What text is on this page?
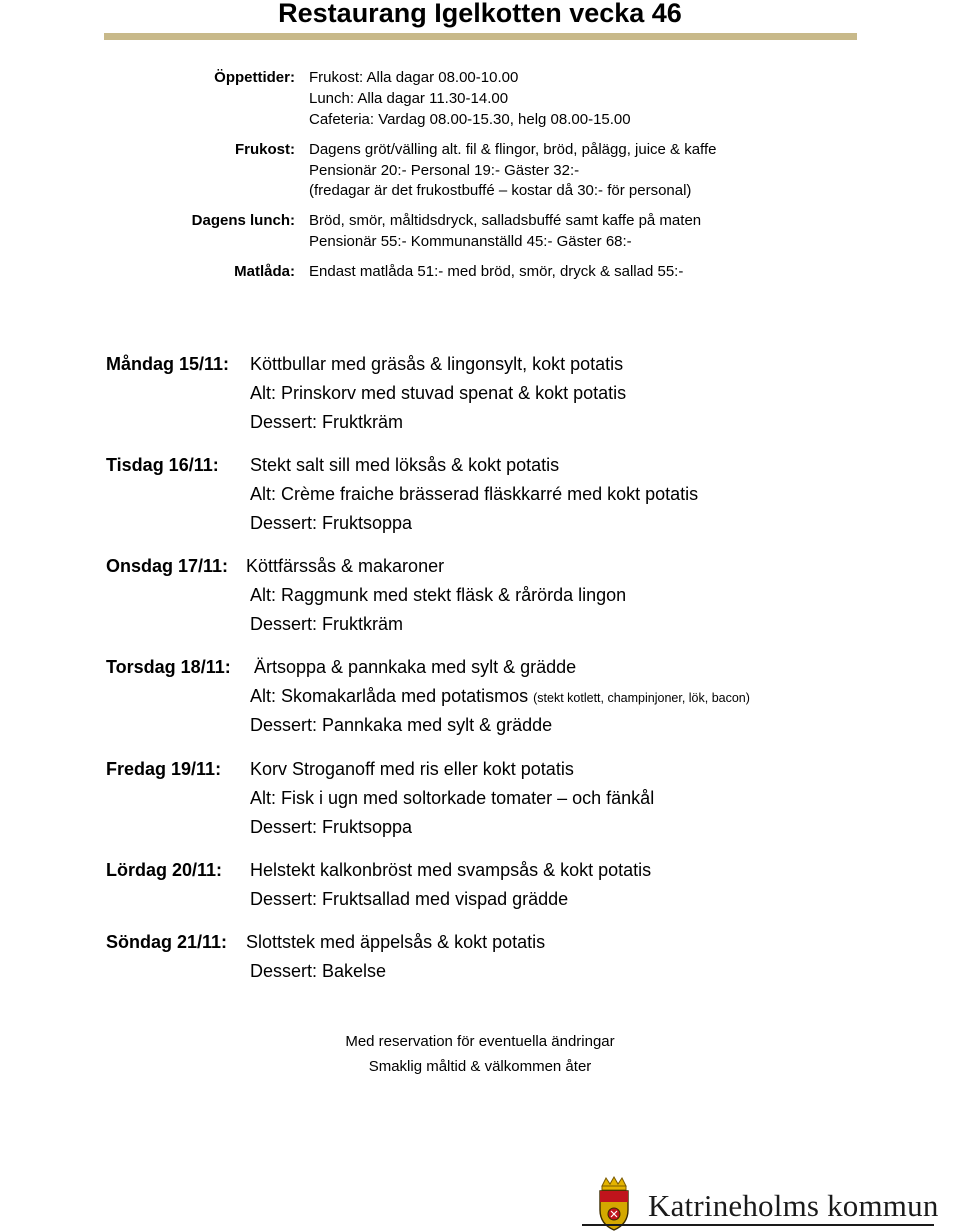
Restaurang Igelkotten vecka 46
Öppettider: Frukost: Alla dagar 08.00-10.00
Lunch: Alla dagar 11.30-14.00
Cafeteria: Vardag 08.00-15.30, helg 08.00-15.00
Frukost: Dagens gröt/välling alt. fil & flingor, bröd, pålägg, juice & kaffe
Pensionär 20:- Personal 19:- Gäster 32:-
(fredagar är det frukostbuffé – kostar då 30:- för personal)
Dagens lunch: Bröd, smör, måltidsdryck, salladsbuffé samt kaffe på maten
Pensionär 55:- Kommunanställd 45:- Gäster 68:-
Matlåda: Endast matlåda 51:- med bröd, smör, dryck & sallad 55:-
Måndag 15/11: Köttbullar med gräsås & lingonsylt, kokt potatis
Alt: Prinskorv med stuvad spenat & kokt potatis
Dessert: Fruktkräm
Tisdag 16/11: Stekt salt sill med löksås & kokt potatis
Alt: Crème fraiche brässerad fläskkarré med kokt potatis
Dessert: Fruktsoppa
Onsdag 17/11: Köttfärssås & makaroner
Alt: Raggmunk med stekt fläsk & rårörda lingon
Dessert: Fruktkräm
Torsdag 18/11: Ärtsoppa & pannkaka med sylt & grädde
Alt: Skomakarlåda med potatismos (stekt kotlett, champinjoner, lök, bacon)
Dessert: Pannkaka med sylt & grädde
Fredag 19/11: Korv Stroganoff med ris eller kokt potatis
Alt: Fisk i ugn med soltorkade tomater – och fänkål
Dessert: Fruktsoppa
Lördag 20/11: Helstekt kalkonbröst med svampsås & kokt potatis
Dessert: Fruktsallad med vispad grädde
Söndag 21/11: Slottstek med äppelsås & kokt potatis
Dessert: Bakelse
Med reservation för eventuella ändringar
Smaklig måltid & välkommen åter
Katrineholms kommun
